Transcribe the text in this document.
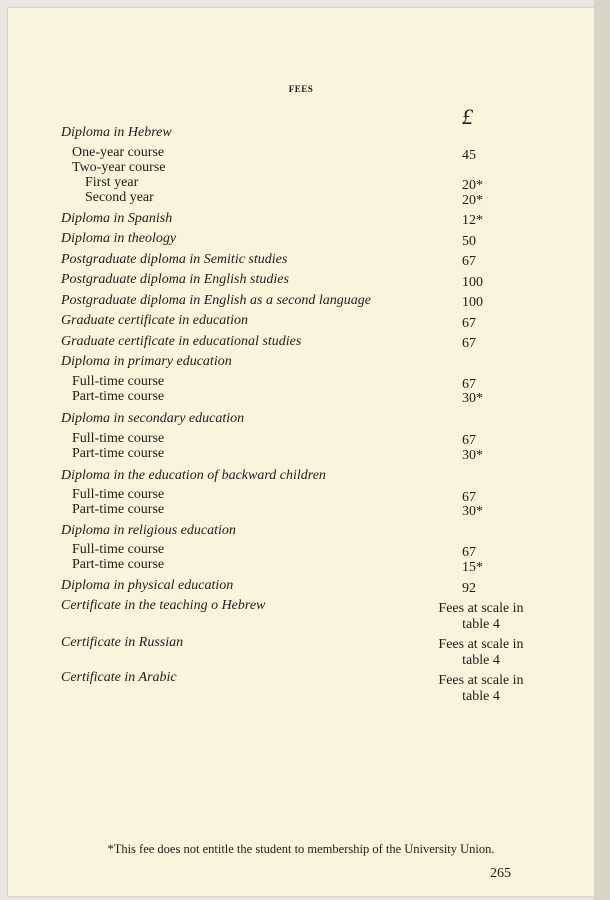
FEES
£
Diploma in Hebrew
One-year course	45
Two-year course
First year	20*
Second year	20*
Diploma in Spanish	12*
Diploma in theology	50
Postgraduate diploma in Semitic studies	67
Postgraduate diploma in English studies	100
Postgraduate diploma in English as a second language	100
Graduate certificate in education	67
Graduate certificate in educational studies	67
Diploma in primary education
Full-time course	67
Part-time course	30*
Diploma in secondary education
Full-time course	67
Part-time course	30*
Diploma in the education of backward children
Full-time course	67
Part-time course	30*
Diploma in religious education
Full-time course	67
Part-time course	15*
Diploma in physical education	92
Certificate in the teaching o Hebrew	Fees at scale in table 4
Certificate in Russian	Fees at scale in table 4
Certificate in Arabic	Fees at scale in table 4
*This fee does not entitle the student to membership of the University Union.
265
